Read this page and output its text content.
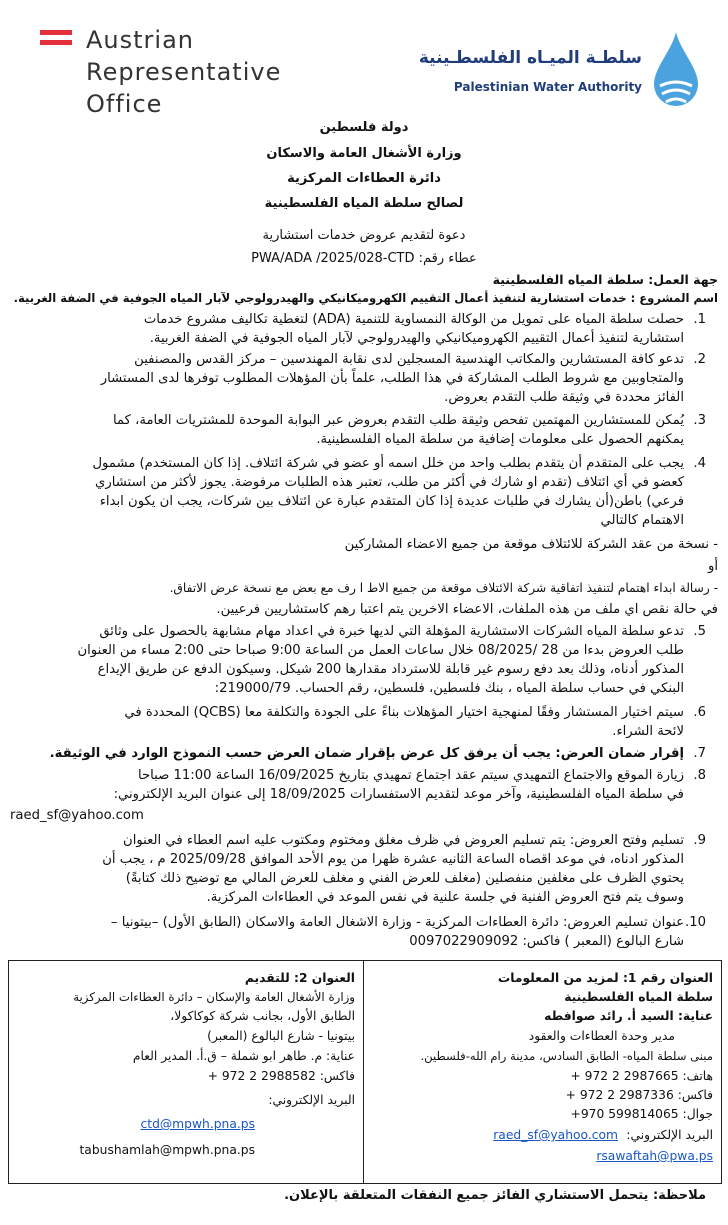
Austrian
Representative
Office
سلطـة الميـاه الفلسطـينية
Palestinian Water Authority
دولة فلسطين
وزارة الأشغال العامة والاسكان
دائرة العطاءات المركزية
لصالح سلطة المياه الفلسطينية
دعوة لتقديم عروض خدمات استشارية
عطاء رقم: PWA/ADA /2025/028-CTD
جهة العمل: سلطة المياه الفلسطينية
اسم المشروع : خدمات استشارية لتنفيذ أعمال التقييم الكهروميكانيكي والهيدرولوجي لآبار المياه الجوفية في الضفة الغربية.
1.
حصلت سلطة المياه على تمويل من الوكالة النمساوية للتنمية (ADA) لتغطية تكاليف مشروع خدمات
استشارية لتنفيذ أعمال التقييم الكهروميكانيكي والهيدرولوجي لآبار المياه الجوفية في الضفة الغربية.
2.
تدعو كافة المستشارين والمكاتب الهندسية المسجلين لدى نقابة المهندسين – مركز القدس والمصنفين
والمتجاوبين مع شروط الطلب المشاركة في هذا الطلب، علماً بأن المؤهلات المطلوب توفرها لدى المستشار
الفائز محددة في وثيقة طلب التقدم بعروض.
3.
يُمكن للمستشارين المهتمين تفحص وثيقة طلب التقدم بعروض عبر البوابة الموحدة للمشتريات العامة، كما
يمكنهم الحصول على معلومات إضافية من سلطة المياه الفلسطينية.
4.
يجب على المتقدم أن يتقدم بطلب واحد من خلل اسمه أو عضو في شركة ائتلاف. إذا كان المستخدم) مشمول
كعضو في أي ائتلاف (تقدم او شارك في أكثر من طلب، تعتبر هذه الطلبات مرفوضة. يجوز لأكثر من استشاري
فرعي) باطن(أن يشارك في طلبات عديدة إذا كان المتقدم عبارة عن ائتلاف بين شركات، يجب ان يكون ابداء
الاهتمام كالتالي
- نسخة من عقد الشركة للائتلاف موقعة من جميع الاعضاء المشاركين
أو
- رسالة ابداء اهتمام لتنفيذ اتفاقية شركة الائتلاف موقعة من جميع الاط ا رف مع بعض مع نسخة عرض الاتفاق.
في حالة نقص اي ملف من هذه الملفات، الاعضاء الاخرين يتم اعتبا رهم كاستشاريين فرعيين.
5.
تدعو سلطة المياه الشركات الاستشارية المؤهلة التي لديها خبرة في اعداد مهام مشابهة بالحصول على وثائق
طلب العروض بدءا من 28 /08/2025 خلال ساعات العمل من الساعة 9:00 صباحا حتى 2:00 مساء من العنوان
المذكور أدناه، وذلك بعد دفع رسوم غير قابلة للاسترداد مقدارها 200 شيكل. وسيكون الدفع عن طريق الإيداع
البنكي في حساب سلطة المياه ، بنك فلسطين، فلسطين، رقم الحساب. 219000/79:
6.
سيتم اختيار المستشار وفقًا لمنهجية اختيار المؤهلات بناءً على الجودة والتكلفة معا (QCBS) المحددة في
لائحة الشراء.
7.
إقرار ضمان العرض: يجب أن يرفق كل عرض بإقرار ضمان العرض حسب النموذج الوارد في الوثيقة.
8.
زيارة الموقع والاجتماع التمهيدي سيتم عقد اجتماع تمهيدي بتاريخ 16/09/2025 الساعة 11:00 صباحا
في سلطة المياه الفلسطينية، وآخر موعد لتقديم الاستفسارات 18/09/2025 إلى عنوان البريد الإلكتروني:
raed_sf@yahoo.com
9.
تسليم وفتح العروض: يتم تسليم العروض في ظرف مغلق ومختوم ومكتوب عليه اسم العطاء في العنوان
المذكور ادناه، في موعد اقصاه الساعة الثانيه عشرة ظهرا من يوم الأحد الموافق 2025/09/28 م ، يجب أن
يحتوي الظرف على مغلفين منفصلين (مغلف للعرض الفني و مغلف للعرض المالي مع توضيح ذلك كتابةً)
وسوف يتم فتح العروض الفنية في جلسة علنية في نفس الموعد في العطاءات المركزية.
10.
عنوان تسليم العروض: دائرة العطاءات المركزية - وزارة الاشغال العامة والاسكان (الطابق الأول) –بيتونيا –
شارع البالوع (المعبر ) فاكس: 0097022909092
العنوان رقم 1: لمزيد من المعلومات
سلطة المياه الفلسطينية
عناية: السيد أ. رائد صوافطه
مدير وحدة العطاءات والعقود
مبنى سلطة المياه- الطابق السادس، مدينة رام الله-فلسطين.
هاتف: 2987665 2 972 +
فاكس: 2987336 2 972 +
جوال: 599814065 970+
البريد الإلكتروني:
raed_sf@yahoo.com
rsawaftah@pwa.ps
العنوان 2: للتقديم
وزارة الأشغال العامة والإسكان – دائرة العطاءات المركزية
الطابق الأول، بجانب شركة كوكاكولا،
بيتونيا - شارع البالوع (المعبر)
عناية: م. طاهر ابو شملة – ق.أ. المدير العام
فاكس: 2988582 2 972 +
البريد الإلكتروني:
ctd@mpwh.pna.ps
tabushamlah@mpwh.pna.ps
ملاحظة: يتحمل الاستشاري الفائز جميع النفقات المتعلقة بالإعلان.
